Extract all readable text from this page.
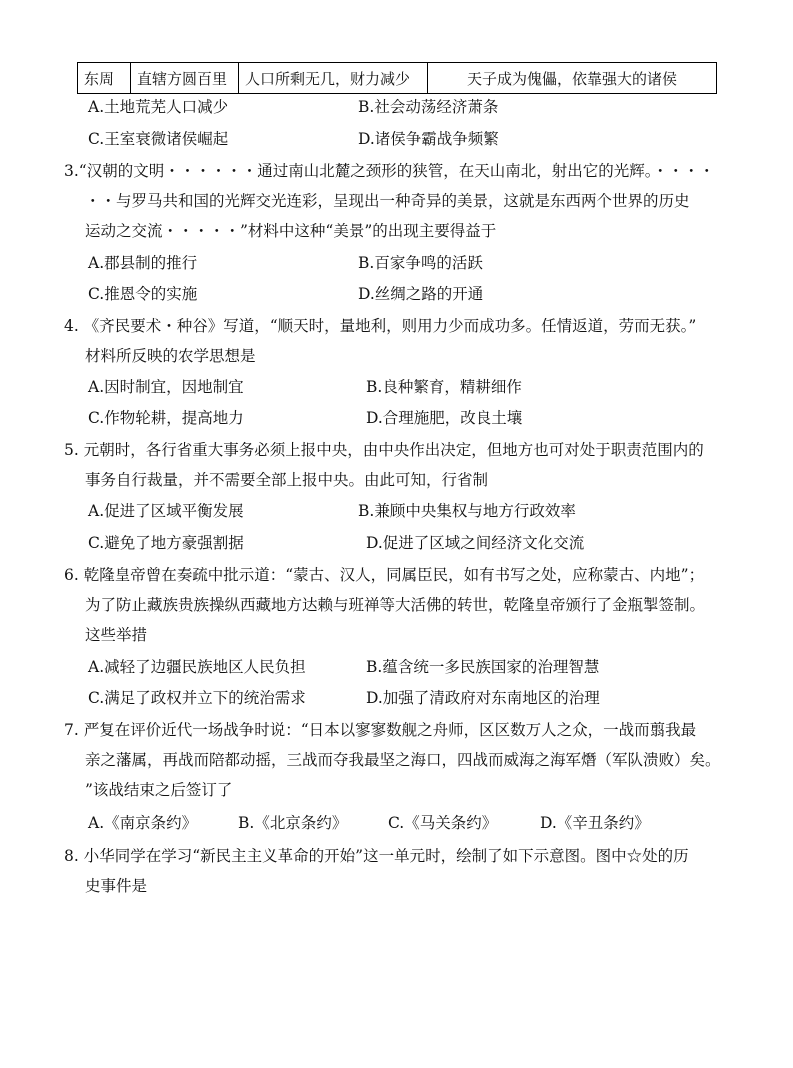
东周	直辖方圆百里	人口所剩无几，财力减少	天子成为傀儡，依靠强大的诸侯
A.土地荒芜人口减少	B.社会动荡经济萧条
C.王室衰微诸侯崛起	D.诸侯争霸战争频繁
3.“汉朝的文明・・・・・・通过南山北麓之颈形的狭管，在天山南北，射出它的光辉。・・・・
・・与罗马共和国的光辉交光连彩，呈现出一种奇异的美景，这就是东西两个世界的历史
运动之交流・・・・・”材料中这种“美景”的出现主要得益于
A.郡县制的推行	B.百家争鸣的活跃
C.推恩令的实施	D.丝绸之路的开通
4. 《齐民要术・种谷》写道，“顺天时，量地利，则用力少而成功多。任情返道，劳而无获。”
材料所反映的农学思想是
A.因时制宜，因地制宜	B.良种繁育，精耕细作
C.作物轮耕，提高地力	D.合理施肥，改良土壤
5. 元朝时，各行省重大事务必须上报中央，由中央作出决定，但地方也可对处于职责范围内的
事务自行裁量，并不需要全部上报中央。由此可知，行省制
A.促进了区域平衡发展	B.兼顾中央集权与地方行政效率
C.避免了地方豪强割据	D.促进了区域之间经济文化交流
6. 乾隆皇帝曾在奏疏中批示道：“蒙古、汉人，同属臣民，如有书写之处，应称蒙古、内地”；
为了防止藏族贵族操纵西藏地方达赖与班禅等大活佛的转世，乾隆皇帝颁行了金瓶掣签制。
这些举措
A.减轻了边疆民族地区人民负担	B.蕴含统一多民族国家的治理智慧
C.满足了政权并立下的统治需求	D.加强了清政府对东南地区的治理
7. 严复在评价近代一场战争时说：“日本以寥寥数舰之舟师，区区数万人之众，一战而翦我最
亲之藩属，再战而陪都动摇，三战而夺我最坚之海口，四战而威海之海军熸（军队溃败）矣。
”该战结束之后签订了
A.《南京条约》	B.《北京条约》	C.《马关条约》	D.《辛丑条约》
8. 小华同学在学习“新民主主义革命的开始”这一单元时，绘制了如下示意图。图中☆处的历
史事件是
